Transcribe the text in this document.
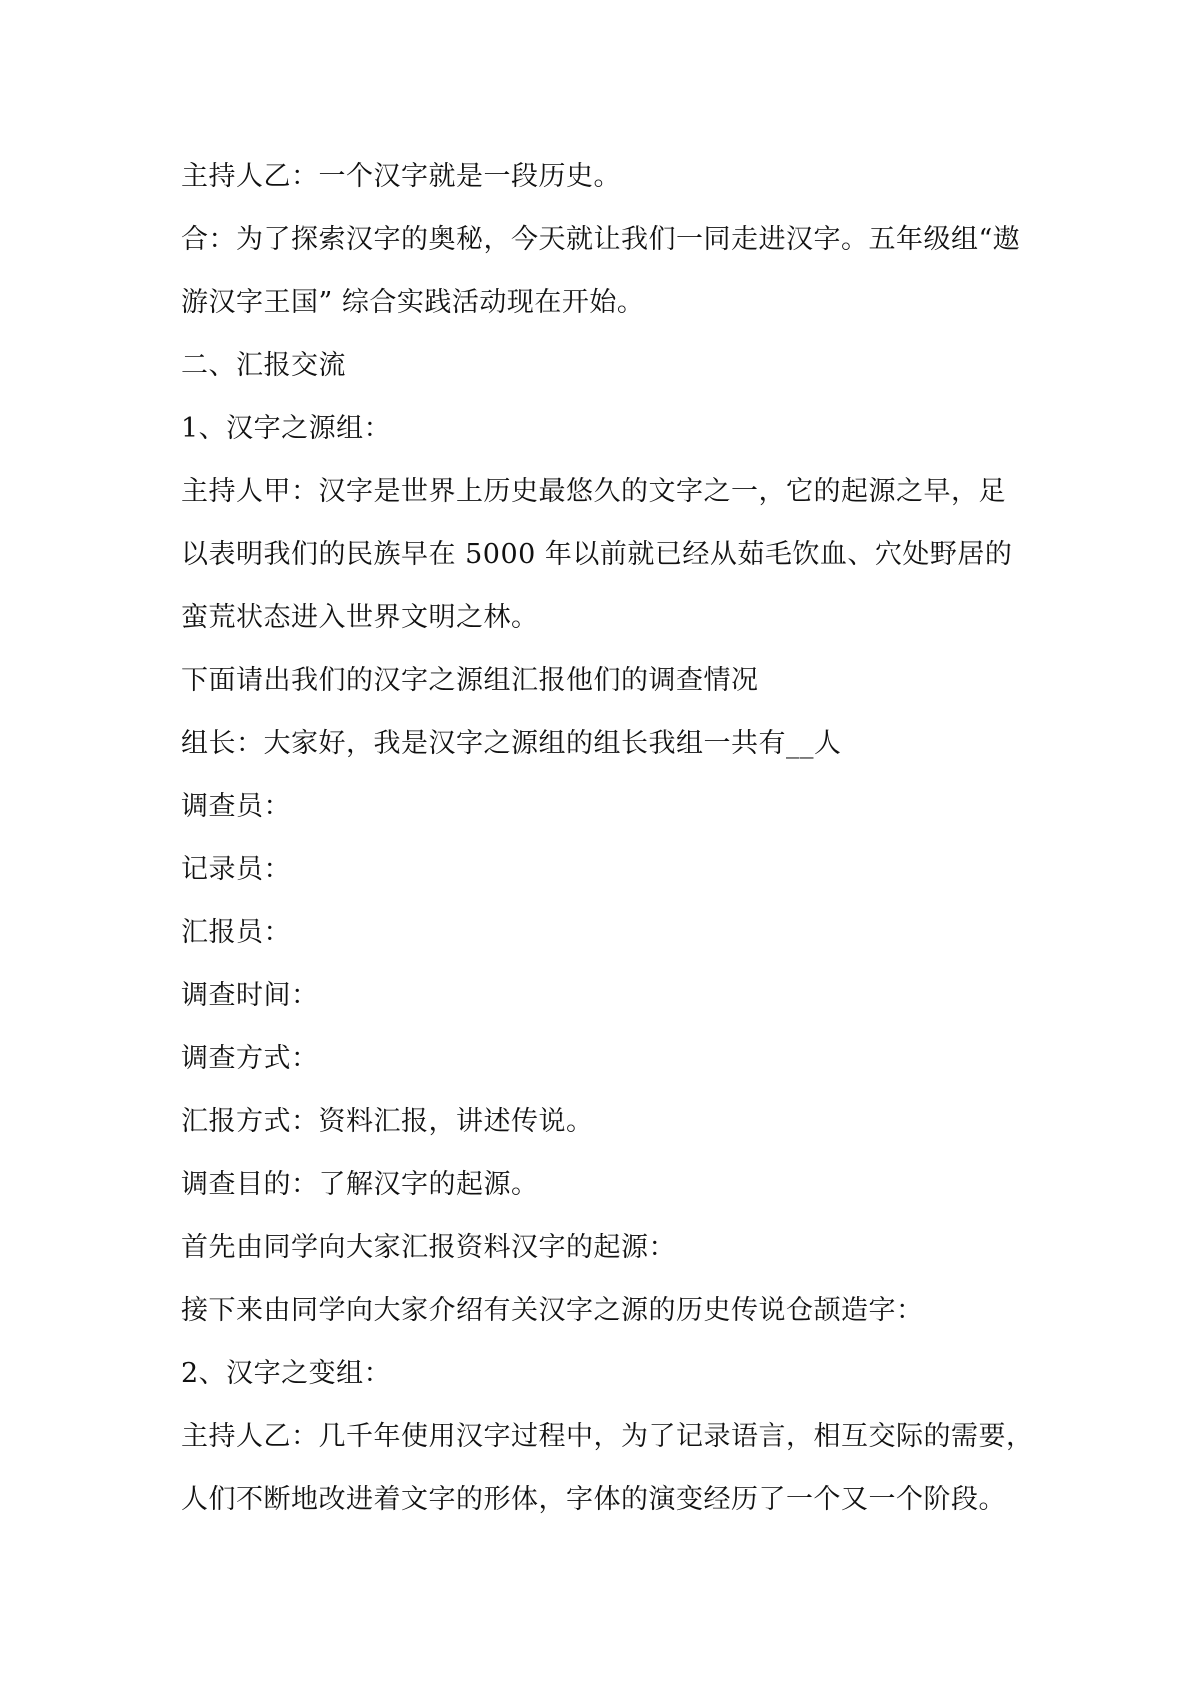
主持人乙：一个汉字就是一段历史。
合：为了探索汉字的奥秘，今天就让我们一同走进汉字。五年级组“遨
游汉字王国” 综合实践活动现在开始。
二、汇报交流
1、汉字之源组：
主持人甲：汉字是世界上历史最悠久的文字之一，它的起源之早，足
以表明我们的民族早在 5000 年以前就已经从茹毛饮血、穴处野居的
蛮荒状态进入世界文明之林。
下面请出我们的汉字之源组汇报他们的调查情况
组长：大家好，我是汉字之源组的组长我组一共有__人
调查员：
记录员：
汇报员：
调查时间：
调查方式：
汇报方式：资料汇报，讲述传说。
调查目的：了解汉字的起源。
首先由同学向大家汇报资料汉字的起源：
接下来由同学向大家介绍有关汉字之源的历史传说仓颉造字：
2、汉字之变组：
主持人乙：几千年使用汉字过程中，为了记录语言，相互交际的需要，
人们不断地改进着文字的形体，字体的演变经历了一个又一个阶段。
